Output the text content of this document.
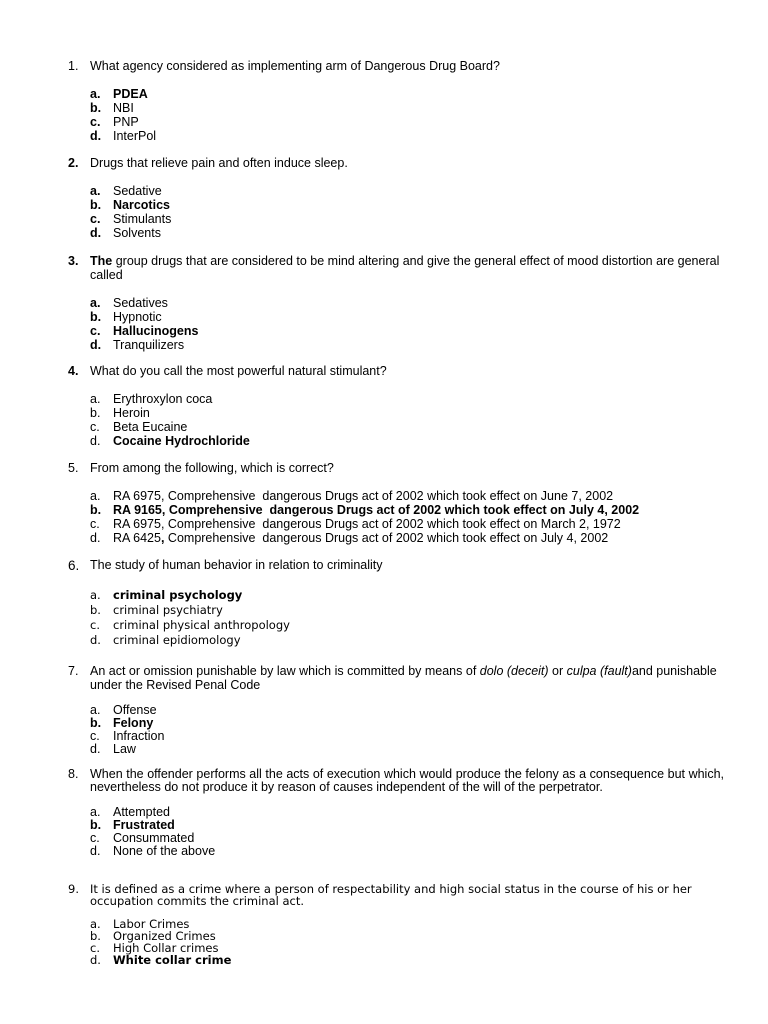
1. What agency considered as implementing arm of Dangerous Drug Board?
a.	PDEA
b. NBI
c.	PNP
d. InterPol
2. Drugs that relieve pain and often induce sleep.
a.	Sedative
b. Narcotics
c.	Stimulants
d. Solvents
3. The group drugs that are considered to be mind altering and give the general effect of mood distortion are general called
a.	Sedatives
b. Hypnotic
c.	Hallucinogens
d. Tranquilizers
4. What do you call the most powerful natural stimulant?
a.	Erythroxylon coca
b.	Heroin
c.	Beta Eucaine
d.	Cocaine Hydrochloride
5. From among the following, which is correct?
a.	RA 6975, Comprehensive  dangerous Drugs act of 2002 which took effect on June 7, 2002
b. RA 9165, Comprehensive  dangerous Drugs act of 2002 which took effect on July 4, 2002
c.	RA 6975, Comprehensive  dangerous Drugs act of 2002 which took effect on March 2, 1972
d.	RA 6425, Comprehensive  dangerous Drugs act of 2002 which took effect on July 4, 2002
6. The study of human behavior in relation to criminality
a.	criminal psychology
b.	criminal psychiatry
c.	criminal physical anthropology
d.	criminal epidiomology
7. An act or omission punishable by law which is committed by means of dolo (deceit) or culpa (fault)and punishable under the Revised Penal Code
a.	Offense
b. Felony
c.	Infraction
d.	Law
8. When the offender performs all the acts of execution which would produce the felony as a consequence but which, nevertheless do not produce it by reason of causes independent of the will of the perpetrator.
a.	Attempted
b. Frustrated
c.	Consummated
d.	None of the above
9. It is defined as a crime where a person of respectability and high social status in the course of his or her occupation commits the criminal act.
a.	Labor Crimes
b.	Organized Crimes
c.	High Collar crimes
d.	White collar crime
